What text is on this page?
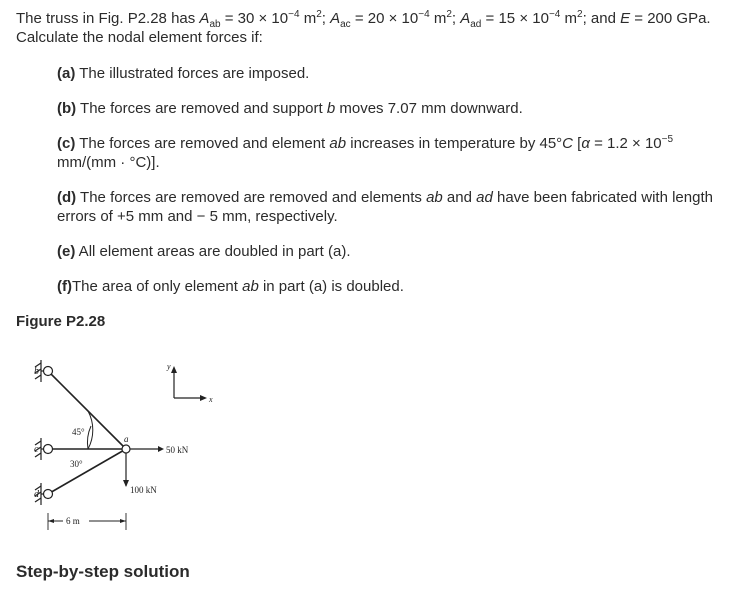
The truss in Fig. P2.28 has $A_{ab} = 30 \times 10^{-4}$ $m^2$; $A_{ac} = 20 \times 10^{-4}$ $m^2$; $A_{ad} = 15 \times 10^{-4}$ $m^2$; and E = 200 GPa. Calculate the nodal element forces if:
(a) The illustrated forces are imposed.
(b) The forces are removed and support b moves 7.07 mm downward.
(c) The forces are removed and element ab increases in temperature by 45°C [$\alpha = 1.2 \times 10^{-5}$ mm/(mm · °C)].
(d) The forces are removed are removed and elements ab and ad have been fabricated with length errors of +5 mm and − 5 mm, respectively.
(e) All element areas are doubled in part (a).
(f)The area of only element ab in part (a) is doubled.
Figure P2.28
b
c
d
a
45°
30°
50 kN
100 kN
6 m
y
x
Step-by-step solution
